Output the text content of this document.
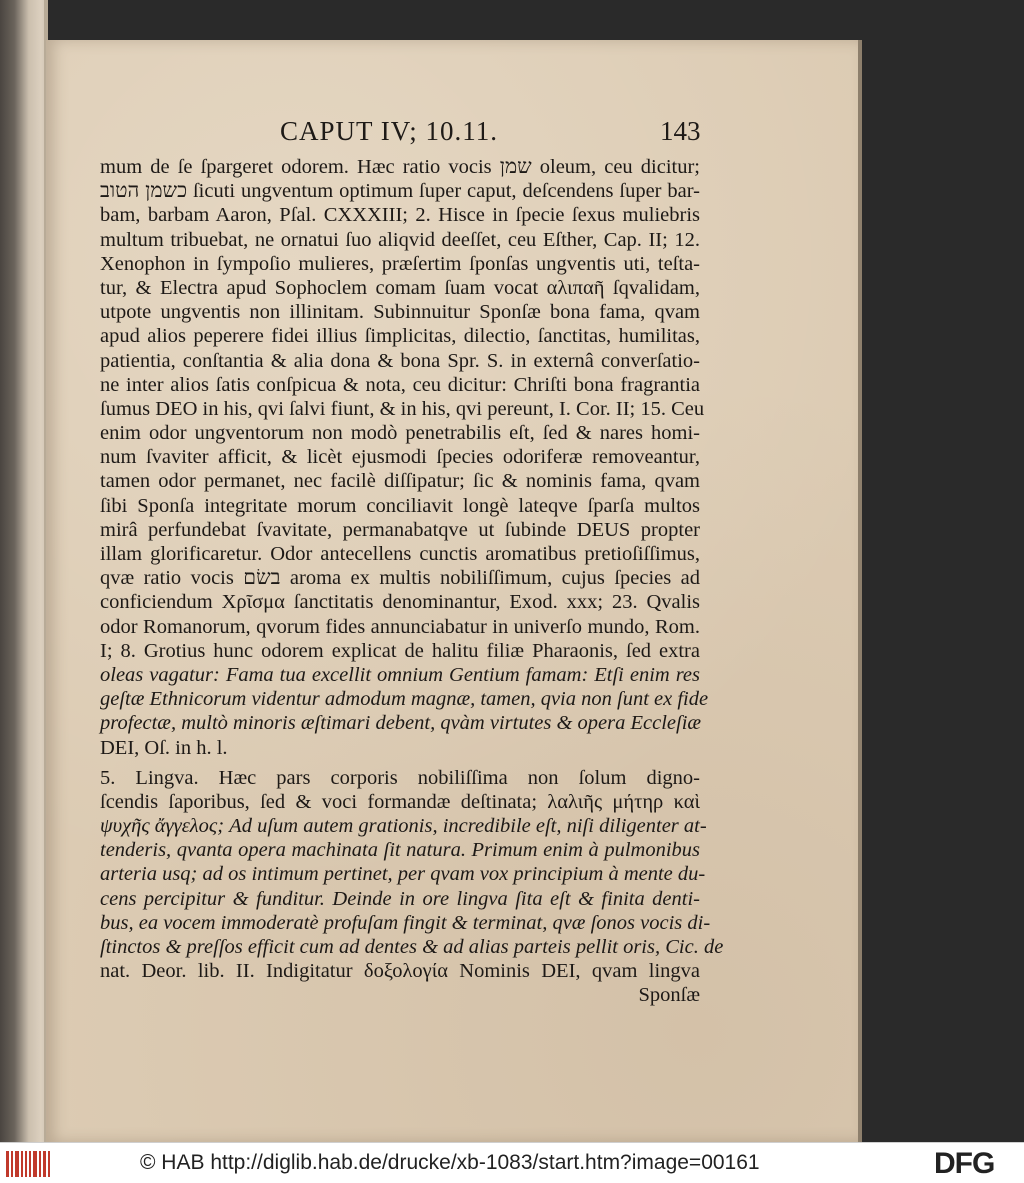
CAPUT IV; 10.11.	143
mum de ſe ſpargeret odorem. Hæc ratio vocis שמן oleum, ceu dicitur;
כשמן הטוב ſicuti ungventum optimum ſuper caput, deſcendens ſuper bar-
bam, barbam Aaron, Pſal. CXXXIII; 2. Hisce in ſpecie ſexus muliebris
multum tribuebat, ne ornatui ſuo aliqvid deeſſet, ceu Eſther, Cap. II; 12.
Xenophon in ſympoſio mulieres, præſertim ſponſas ungventis uti, teſta-
tur, & Electra apud Sophoclem comam ſuam vocat αλιπαῆ ſqvalidam,
utpote ungventis non illinitam. Subinnuitur Sponſæ bona fama, qvam
apud alios peperere fidei illius ſimplicitas, dilectio, ſanctitas, humilitas,
patientia, conſtantia & alia dona & bona Spr. S. in externâ converſatio-
ne inter alios ſatis conſpicua & nota, ceu dicitur: Chriſti bona fragrantia
ſumus DEO in his, qvi ſalvi fiunt, & in his, qvi pereunt, I. Cor. II; 15. Ceu
enim odor ungventorum non modò penetrabilis eſt, ſed & nares homi-
num ſvaviter afficit, & licèt ejusmodi ſpecies odoriferæ removeantur,
tamen odor permanet, nec facilè diſſipatur; ſic & nominis fama, qvam
ſibi Sponſa integritate morum conciliavit longè lateqve ſparſa multos
mirâ perfundebat ſvavitate, permanabatqve ut ſubinde DEUS propter
illam glorificaretur. Odor antecellens cunctis aromatibus pretioſiſſimus,
qvæ ratio vocis בשׂם aroma ex multis nobiliſſimum, cujus ſpecies ad
conficiendum Χρῖσμα ſanctitatis denominantur, Exod. xxx; 23. Qvalis
odor Romanorum, qvorum fides annunciabatur in univerſo mundo, Rom.
I; 8. Grotius hunc odorem explicat de halitu filiæ Pharaonis, ſed extra
oleas vagatur: Fama tua excellit omnium Gentium famam: Etſi enim res
geſtæ Ethnicorum videntur admodum magnæ, tamen, qvia non ſunt ex fide
profectæ, multò minoris æſtimari debent, qvàm virtutes & opera Eccleſiæ
DEI, Oſ. in h. l.
5. Lingva. Hæc pars corporis nobiliſſima non ſolum digno-
ſcendis ſaporibus, ſed & voci formandæ deſtinata; λαλιῆς μήτηρ καὶ
ψυχῆς ἄγγελος; Ad uſum autem grationis, incredibile eſt, niſi diligenter at-
tenderis, qvanta opera machinata ſit natura. Primum enim à pulmonibus
arteria usq; ad os intimum pertinet, per qvam vox principium à mente du-
cens percipitur & funditur. Deinde in ore lingva ſita eſt & finita denti-
bus, ea vocem immoderatè profuſam fingit & terminat, qvæ ſonos vocis di-
ſtinctos & preſſos efficit cum ad dentes & ad alias parteis pellit oris, Cic. de
nat. Deor. lib. II. Indigitatur δοξολογία Nominis DEI, qvam lingva
Sponſæ
© HAB http://diglib.hab.de/drucke/xb-1083/start.htm?image=00161	DFG
